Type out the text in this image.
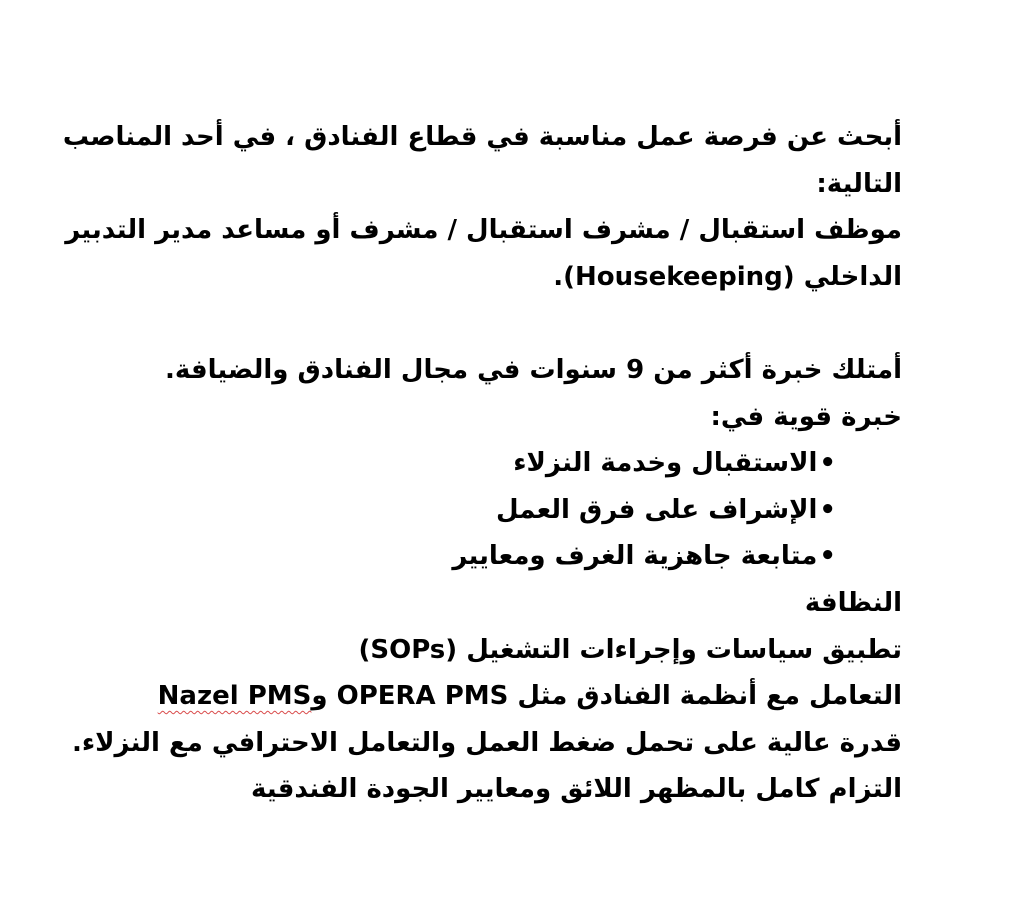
أبحث عن فرصة عمل مناسبة في قطاع الفنادق ، في أحد المناصب
التالية:
موظف استقبال / مشرف استقبال / مشرف أو مساعد مدير التدبير
الداخلي (Housekeeping).
أمتلك خبرة أكثر من 9 سنوات في مجال الفنادق والضيافة.
خبرة قوية في:
•الاستقبال وخدمة النزلاء
•الإشراف على فرق العمل
•متابعة جاهزية الغرف ومعايير
النظافة
تطبيق سياسات وإجراءات التشغيل (SOPs)
التعامل مع أنظمة الفنادق مثل OPERA PMS وNazel PMS
قدرة عالية على تحمل ضغط العمل والتعامل الاحترافي مع النزلاء.
التزام كامل بالمظهر اللائق ومعايير الجودة الفندقية
